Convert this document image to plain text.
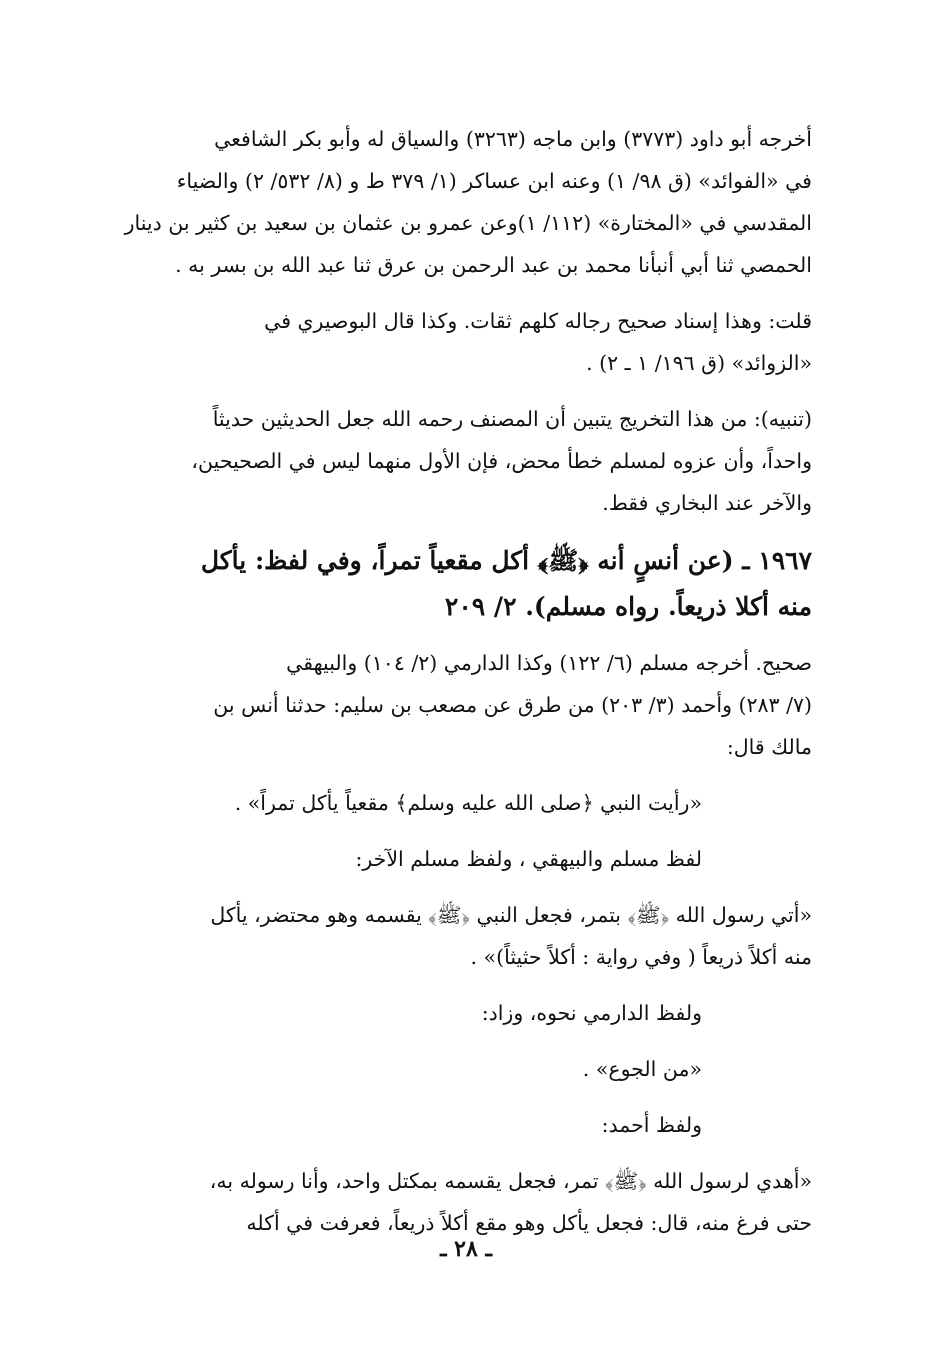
أخرجه أبو داود (٣٧٧٣) وابن ماجه (٣٢٦٣) والسياق له وأبو بكر الشافعي
في «الفوائد» (ق ٩٨/ ١) وعنه ابن عساكر (١/ ٣٧٩ ط و (٨/ ٥٣٢/ ٢) والضياء
المقدسي في «المختارة» (١١٢/ ١)وعن عمرو بن عثمان بن سعيد بن كثير بن دينار
الحمصي ثنا أبي أنبأنا محمد بن عبد الرحمن بن عرق ثنا عبد الله بن بسر به .
قلت: وهذا إسناد صحيح رجاله كلهم ثقات. وكذا قال البوصيري في
«الزوائد» (ق ١٩٦/ ١ ـ ٢) .
(تنبيه): من هذا التخريج يتبين أن المصنف رحمه الله جعل الحديثين حديثاً
واحداً، وأن عزوه لمسلم خطأ محض، فإن الأول منهما ليس في الصحيحين،
والآخر عند البخاري فقط.
١٩٦٧ ـ (عن أنسٍ أنه ﴿ﷺ﴾ أكل مقعياً تمراً، وفي لفظ: يأكل
منه أكلا ذريعاً. رواه مسلم). ٢/ ٢٠٩
صحيح. أخرجه مسلم (٦/ ١٢٢) وكذا الدارمي (٢/ ١٠٤) والبيهقي
(٧/ ٢٨٣) وأحمد (٣/ ٢٠٣) من طرق عن مصعب بن سليم: حدثنا أنس بن
مالك قال:
«رأيت النبي ﴿صلى الله عليه وسلم﴾ مقعياً يأكل تمراً» .
لفظ مسلم والبيهقي ، ولفظ مسلم الآخر:
«أتي رسول الله ﴿ﷺ﴾ بتمر، فجعل النبي ﴿ﷺ﴾ يقسمه وهو محتضر، يأكل
منه أكلاً ذريعاً ( وفي رواية : أكلاً حثيثاً)» .
ولفظ الدارمي نحوه، وزاد:
«من الجوع» .
ولفظ أحمد:
«أهدي لرسول الله ﴿ﷺ﴾ تمر، فجعل يقسمه بمكتل واحد، وأنا رسوله به،
حتى فرغ منه، قال: فجعل يأكل وهو مقع أكلاً ذريعاً، فعرفت في أكله
ـ ٢٨ ـ
